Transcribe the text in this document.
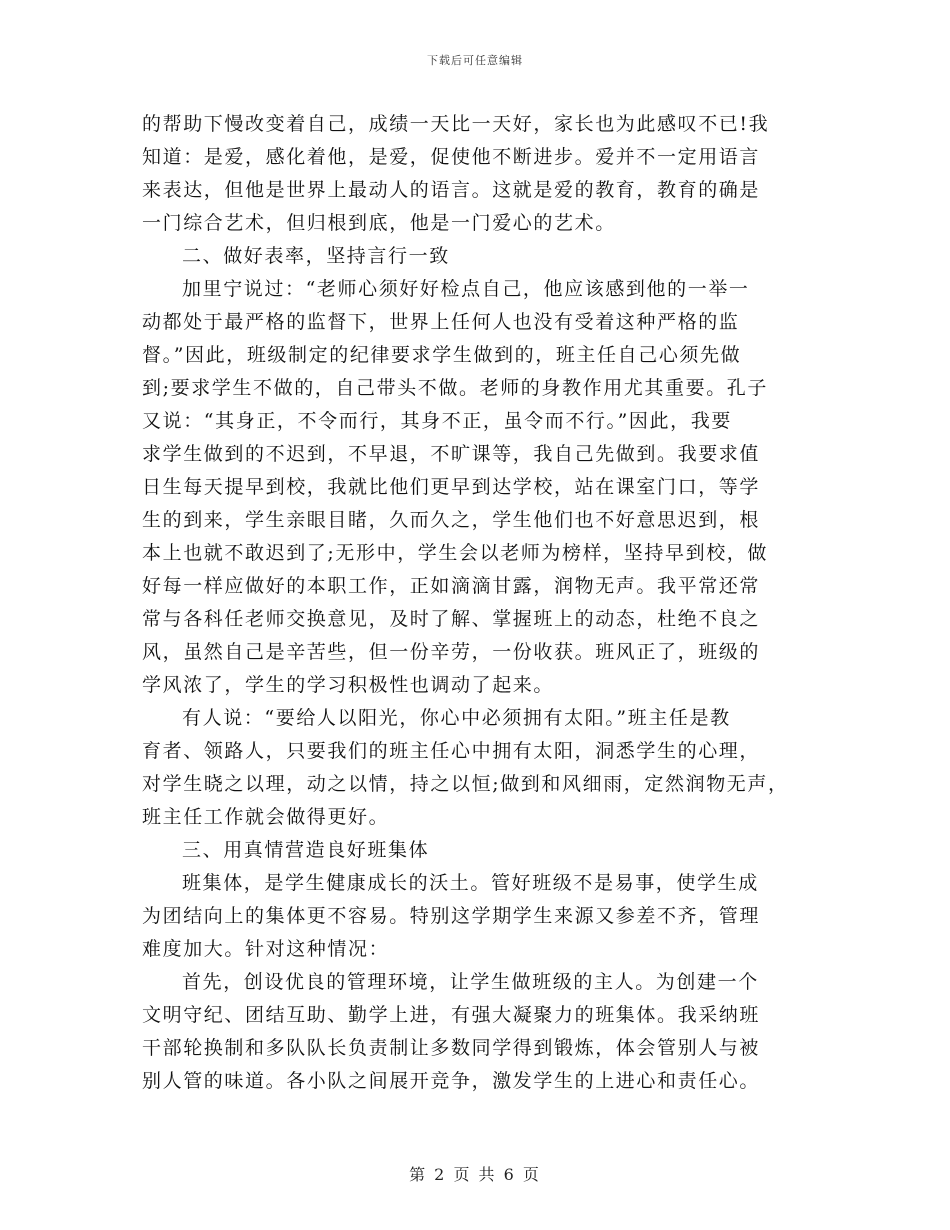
下载后可任意编辑
的帮助下慢改变着自己，成绩一天比一天好，家长也为此感叹不已!我
知道：是爱，感化着他，是爱，促使他不断进步。爱并不一定用语言
来表达，但他是世界上最动人的语言。这就是爱的教育，教育的确是
一门综合艺术，但归根到底，他是一门爱心的艺术。
二、做好表率，坚持言行一致
加里宁说过：“老师心须好好检点自己，他应该感到他的一举一
动都处于最严格的监督下，世界上任何人也没有受着这种严格的监
督。”因此，班级制定的纪律要求学生做到的，班主任自己心须先做
到;要求学生不做的，自己带头不做。老师的身教作用尤其重要。孔子
又说：“其身正，不令而行，其身不正，虽令而不行。”因此，我要
求学生做到的不迟到，不早退，不旷课等，我自己先做到。我要求值
日生每天提早到校，我就比他们更早到达学校，站在课室门口，等学
生的到来，学生亲眼目睹，久而久之，学生他们也不好意思迟到，根
本上也就不敢迟到了;无形中，学生会以老师为榜样，坚持早到校，做
好每一样应做好的本职工作，正如滴滴甘露，润物无声。我平常还常
常与各科任老师交换意见，及时了解、掌握班上的动态，杜绝不良之
风，虽然自己是辛苦些，但一份辛劳，一份收获。班风正了，班级的
学风浓了，学生的学习积极性也调动了起来。
有人说：“要给人以阳光，你心中必须拥有太阳。”班主任是教
育者、领路人，只要我们的班主任心中拥有太阳，洞悉学生的心理，
对学生晓之以理，动之以情，持之以恒;做到和风细雨，定然润物无声，
班主任工作就会做得更好。
三、用真情营造良好班集体
班集体，是学生健康成长的沃土。管好班级不是易事，使学生成
为团结向上的集体更不容易。特别这学期学生来源又参差不齐，管理
难度加大。针对这种情况：
首先，创设优良的管理环境，让学生做班级的主人。为创建一个
文明守纪、团结互助、勤学上进，有强大凝聚力的班集体。我采纳班
干部轮换制和多队队长负责制让多数同学得到锻炼，体会管别人与被
别人管的味道。各小队之间展开竞争，激发学生的上进心和责任心。
第 2 页 共 6 页
